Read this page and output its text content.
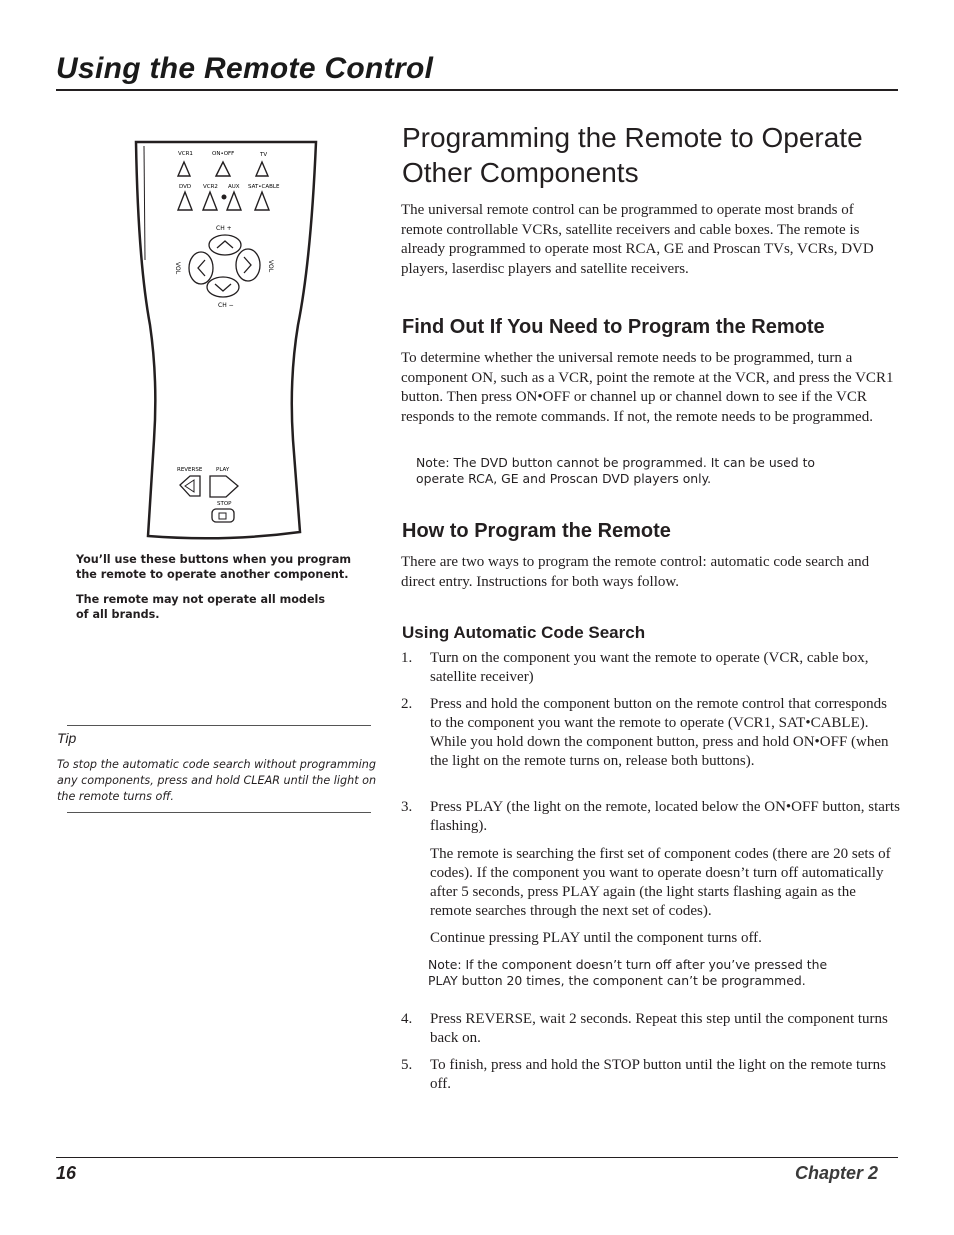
Using the Remote Control
VCR1	ON•OFF	TV
DVD VCR2 AUX SAT•CABLE
CH +
CH −
VOL	VOL
REVERSE PLAY
STOP
You’ll use these buttons when you program the remote to operate another component.
The remote may not operate all models of all brands.
Tip
To stop the automatic code search without programming any components, press and hold CLEAR until the light on the remote turns off.
Programming the Remote to Operate Other Components
The universal remote control can be programmed to operate most brands of remote controllable VCRs, satellite receivers and cable boxes. The remote is already programmed to operate most RCA, GE and Proscan TVs, VCRs, DVD players, laserdisc players and satellite receivers.
Find Out If You Need to Program the Remote
To determine whether the universal remote needs to be programmed, turn a component ON, such as a VCR, point the remote at the VCR, and press the VCR1 button. Then press ON•OFF or channel up or channel down to see if the VCR responds to the remote commands. If not, the remote needs to be programmed.
Note: The DVD button cannot be programmed. It can be used to operate RCA, GE and Proscan DVD players only.
How to Program the Remote
There are two ways to program the remote control: automatic code search and direct entry. Instructions for both ways follow.
Using Automatic Code Search
1. Turn on the component you want the remote to operate (VCR, cable box, satellite receiver)
2. Press and hold the component button on the remote control that corresponds to the component you want the remote to operate (VCR1, SAT•CABLE). While you hold down the component button, press and hold ON•OFF (when the light on the remote turns on, release both buttons).
3. Press PLAY (the light on the remote, located below the ON•OFF button, starts flashing).
The remote is searching the first set of component codes (there are 20 sets of codes). If the component you want to operate doesn’t turn off automatically after 5 seconds, press PLAY again (the light starts flashing again as the remote searches through the next set of codes).
Continue pressing PLAY until the component turns off.
Note: If the component doesn’t turn off after you’ve pressed the PLAY button 20 times, the component can’t be programmed.
4. Press REVERSE, wait 2 seconds. Repeat this step until the component turns back on.
5. To finish, press and hold the STOP button until the light on the remote turns off.
16	Chapter 2
